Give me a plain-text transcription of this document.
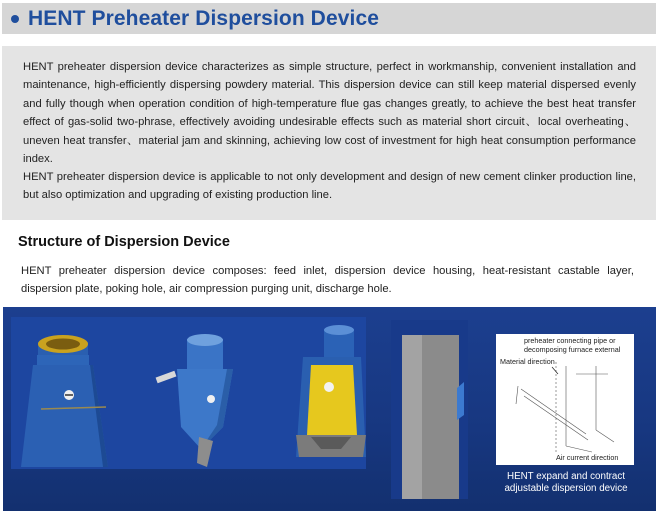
HENT Preheater Dispersion Device

HENT preheater dispersion device characterizes as simple structure, perfect in workmanship, convenient installation and maintenance, high-efficiently dispersing powdery material. This dispersion device can still keep material dispersed evenly and fully though when operation condition of high-temperature flue gas changes greatly, to achieve the best heat transfer effect of gas-solid two-phrase, effectively avoiding undesirable effects such as material short circuit、local overheating、uneven heat transfer、material jam and skinning, achieving low cost of investment for high heat consumption performance index.

HENT preheater dispersion device is applicable to not only development and design of new cement clinker production line, but also optimization and upgrading of existing production line.

Structure of Dispersion Device

HENT preheater dispersion device composes: feed inlet, dispersion device housing, heat-resistant castable layer, dispersion plate, poking hole, air compression purging unit, discharge hole.

preheater connecting pipe or decomposing furnace external
Material direction
Air current direction
HENT expand and contract adjustable dispersion device
